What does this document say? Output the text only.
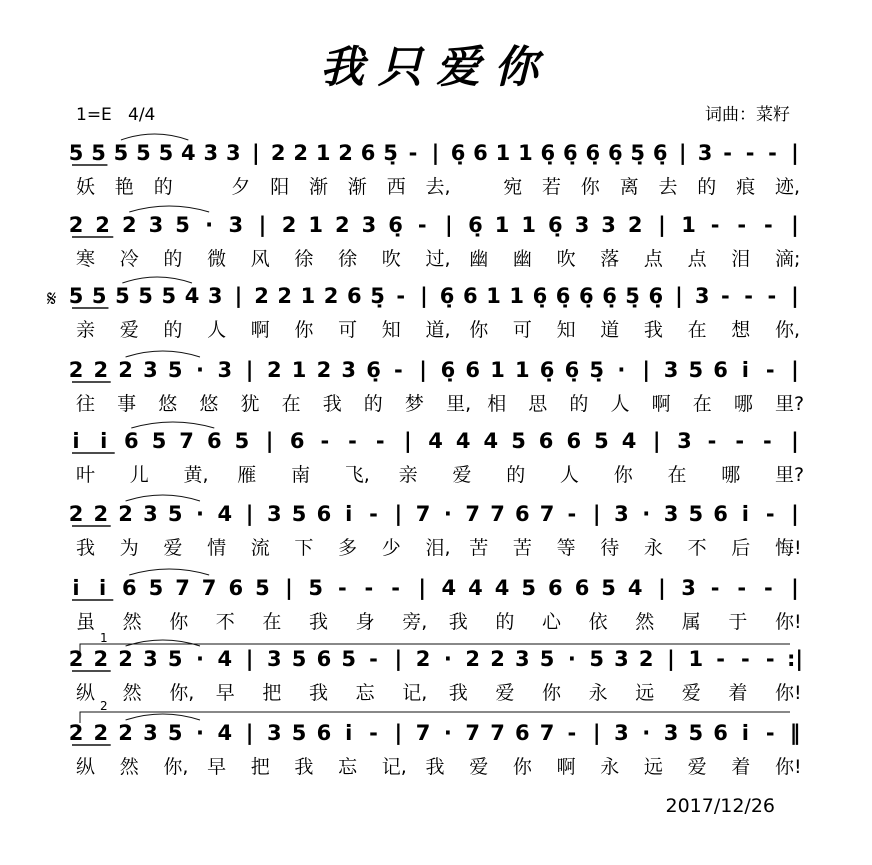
我只爱你
1=E 4/4	词曲：菜籽
𝄋
1
2
5 5 5 5 5 4 3 3 | 2 2 1 2 6 5̣ - | 6̣ 6 1 1 6̣ 6̣ 6̣ 6̣ 5̣ 6̣ | 3 - - - |
妖 艳 的	夕 阳 渐 渐 西 去,	宛 若 你 离 去 的 痕 迹,
2 2 2 3 5 · 3 | 2 1 2 3 6̣ - | 6̣ 1 1 6̣ 3 3 2 | 1 - - - |
寒 冷 的 微 风 徐 徐 吹 过, 幽 幽 吹 落 点 点 泪 滴;
5 5 5 5 5 4 3 | 2 2 1 2 6 5̣ - | 6̣ 6 1 1 6̣ 6̣ 6̣ 6̣ 5̣ 6̣ | 3 - - - |
亲 爱 的 人 啊 你 可 知 道, 你 可 知 道 我 在 想 你,
2 2 2 3 5 · 3 | 2 1 2 3 6̣ - | 6̣ 6 1 1 6̣ 6̣ 5̣ · | 3 5 6 i̇ - |
往 事 悠 悠 犹 在 我 的 梦 里, 相 思 的 人 啊 在 哪 里?
i̇ i̇ 6 5 7 6 5 | 6 - - - | 4 4 4 5 6 6 5 4 | 3 - - - |
叶 儿 黄, 雁 南 飞, 亲 爱 的 人 你 在 哪 里?
2 2 2 3 5 · 4 | 3 5 6 i̇ - | 7 · 7 7 6 7 - | 3 · 3 5 6 i̇ - |
我 为 爱 情 流 下 多 少 泪, 苦 苦 等 待 永 不 后 悔!
i̇ i̇ 6 5 7 7 6 5 | 5 - - - | 4 4 4 5 6 6 5 4 | 3 - - - |
虽 然 你 不 在 我 身 旁, 我 的 心 依 然 属 于 你!
2 2 2 3 5 · 4 | 3 5 6 5 - | 2 · 2 2 3 5 · 5 3 2 | 1 - - - :|
纵 然 你, 早 把 我 忘 记, 我 爱 你 永 远 爱 着 你!
2 2 2 3 5 · 4 | 3 5 6 i̇ - | 7 · 7 7 6 7 - | 3 · 3 5 6 i̇ - ‖
纵 然 你, 早 把 我 忘 记, 我 爱 你 啊 永 远 爱 着 你!
2017/12/26
